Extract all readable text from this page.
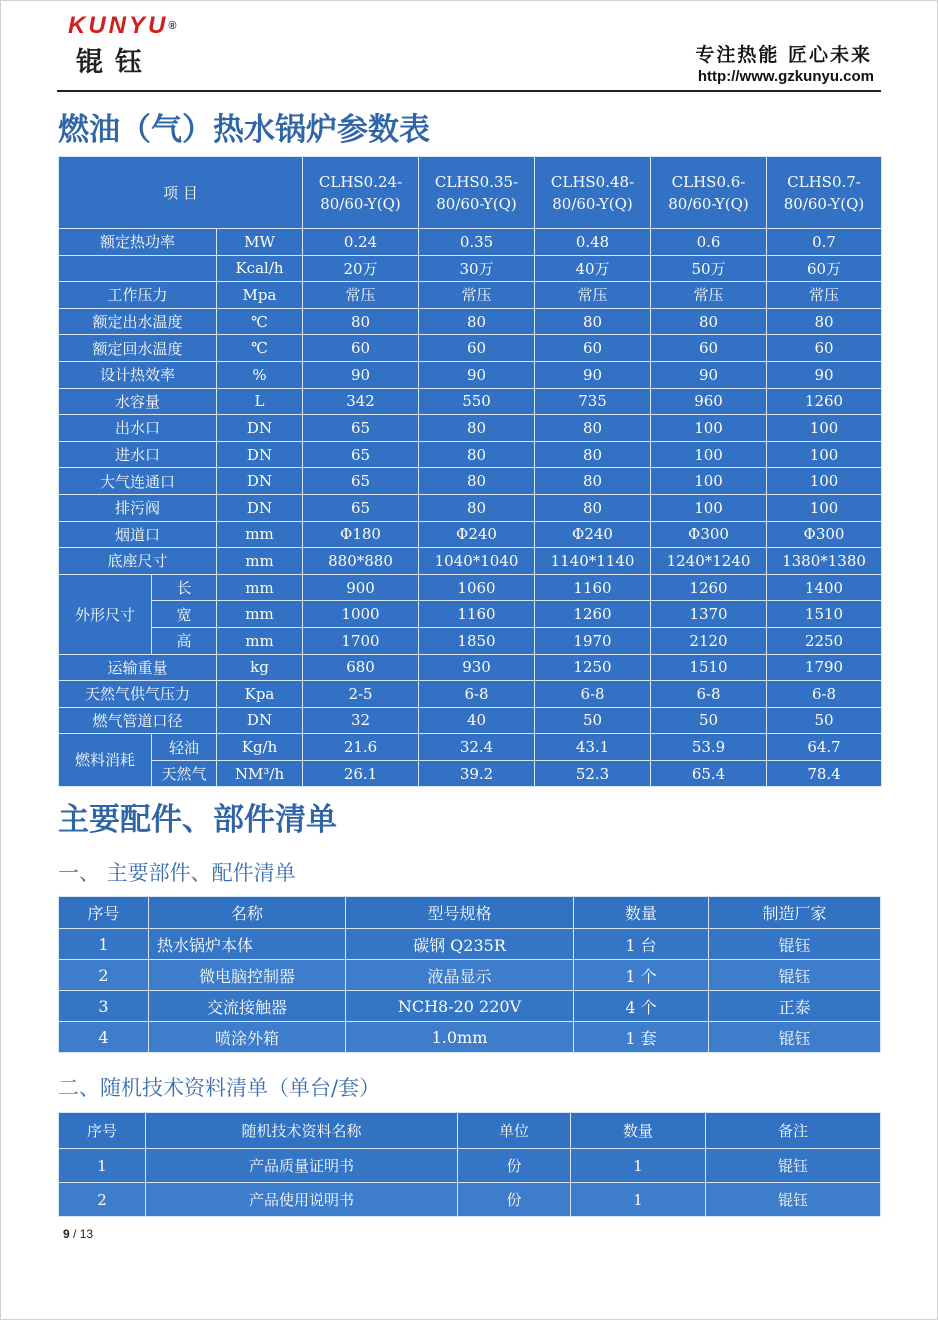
KUNYU®
锟钰	专注热能 匠心未来
http://www.gzkunyu.com
燃油（气）热水锅炉参数表
项 目			CLHS0.24-80/60-Y(Q)	CLHS0.35-80/60-Y(Q)	CLHS0.48-80/60-Y(Q)	CLHS0.6-80/60-Y(Q)	CLHS0.7-80/60-Y(Q)
额定热功率		MW	0.24	0.35	0.48	0.6	0.7
		Kcal/h	20万	30万	40万	50万	60万
工作压力		Mpa	常压	常压	常压	常压	常压
额定出水温度		℃	80	80	80	80	80
额定回水温度		℃	60	60	60	60	60
设计热效率		%	90	90	90	90	90
水容量		L	342	550	735	960	1260
出水口		DN	65	80	80	100	100
进水口		DN	65	80	80	100	100
大气连通口		DN	65	80	80	100	100
排污阀		DN	65	80	80	100	100
烟道口		mm	Φ180	Φ240	Φ240	Φ300	Φ300
底座尺寸		mm	880*880	1040*1040	1140*1140	1240*1240	1380*1380
外形尺寸	长	mm	900	1060	1160	1260	1400
	宽	mm	1000	1160	1260	1370	1510
	高	mm	1700	1850	1970	2120	2250
运输重量		kg	680	930	1250	1510	1790
天然气供气压力		Kpa	2-5	6-8	6-8	6-8	6-8
燃气管道口径		DN	32	40	50	50	50
燃料消耗	轻油	Kg/h	21.6	32.4	43.1	53.9	64.7
	天然气	NM³/h	26.1	39.2	52.3	65.4	78.4
主要配件、部件清单
一、 主要部件、配件清单
序号	名称	型号规格	数量	制造厂家
1	热水锅炉本体	碳钢 Q235R	1 台	锟钰
2	微电脑控制器	液晶显示	1 个	锟钰
3	交流接触器	NCH8-20 220V	4 个	正泰
4	喷涂外箱	1.0mm	1 套	锟钰
二、随机技术资料清单（单台/套）
序号	随机技术资料名称	单位	数量	备注
1	产品质量证明书	份	1	锟钰
2	产品使用说明书	份	1	锟钰
9 / 13
